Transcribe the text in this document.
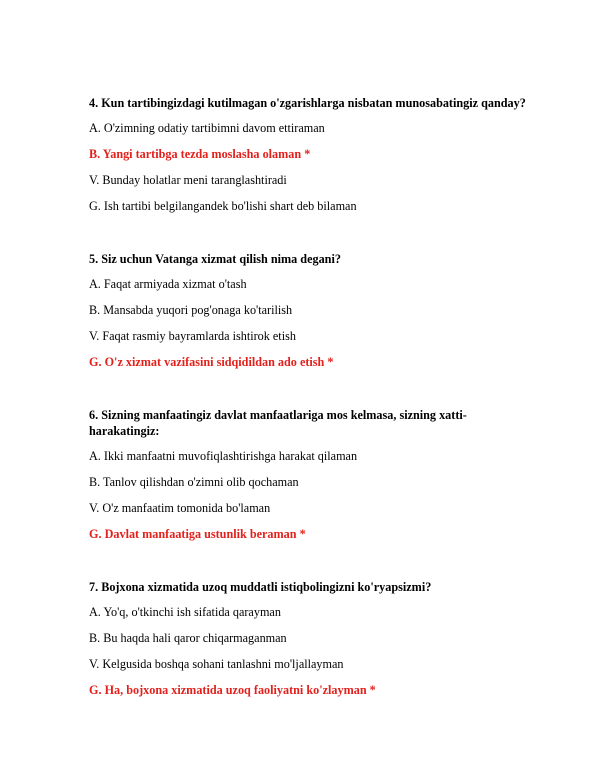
4. Kun tartibingizdagi kutilmagan o'zgarishlarga nisbatan munosabatingiz qanday?

A. O'zimning odatiy tartibimni davom ettiraman

B. Yangi tartibga tezda moslasha olaman *

V. Bunday holatlar meni taranglashtiradi

G. Ish tartibi belgilangandek bo'lishi shart deb bilaman

5. Siz uchun Vatanga xizmat qilish nima degani?

A. Faqat armiyada xizmat o'tash

B. Mansabda yuqori pog'onaga ko'tarilish

V. Faqat rasmiy bayramlarda ishtirok etish

G. O'z xizmat vazifasini sidqidildan ado etish *

6. Sizning manfaatingiz davlat manfaatlariga mos kelmasa, sizning xatti-harakatingiz:

A. Ikki manfaatni muvofiqlashtirishga harakat qilaman

B. Tanlov qilishdan o'zimni olib qochaman

V. O'z manfaatim tomonida bo'laman

G. Davlat manfaatiga ustunlik beraman *

7. Bojxona xizmatida uzoq muddatli istiqbolingizni ko'ryapsizmi?

A. Yo'q, o'tkinchi ish sifatida qarayman

B. Bu haqda hali qaror chiqarmaganman

V. Kelgusida boshqa sohani tanlashni mo'ljallayman

G. Ha, bojxona xizmatida uzoq faoliyatni ko'zlayman *
